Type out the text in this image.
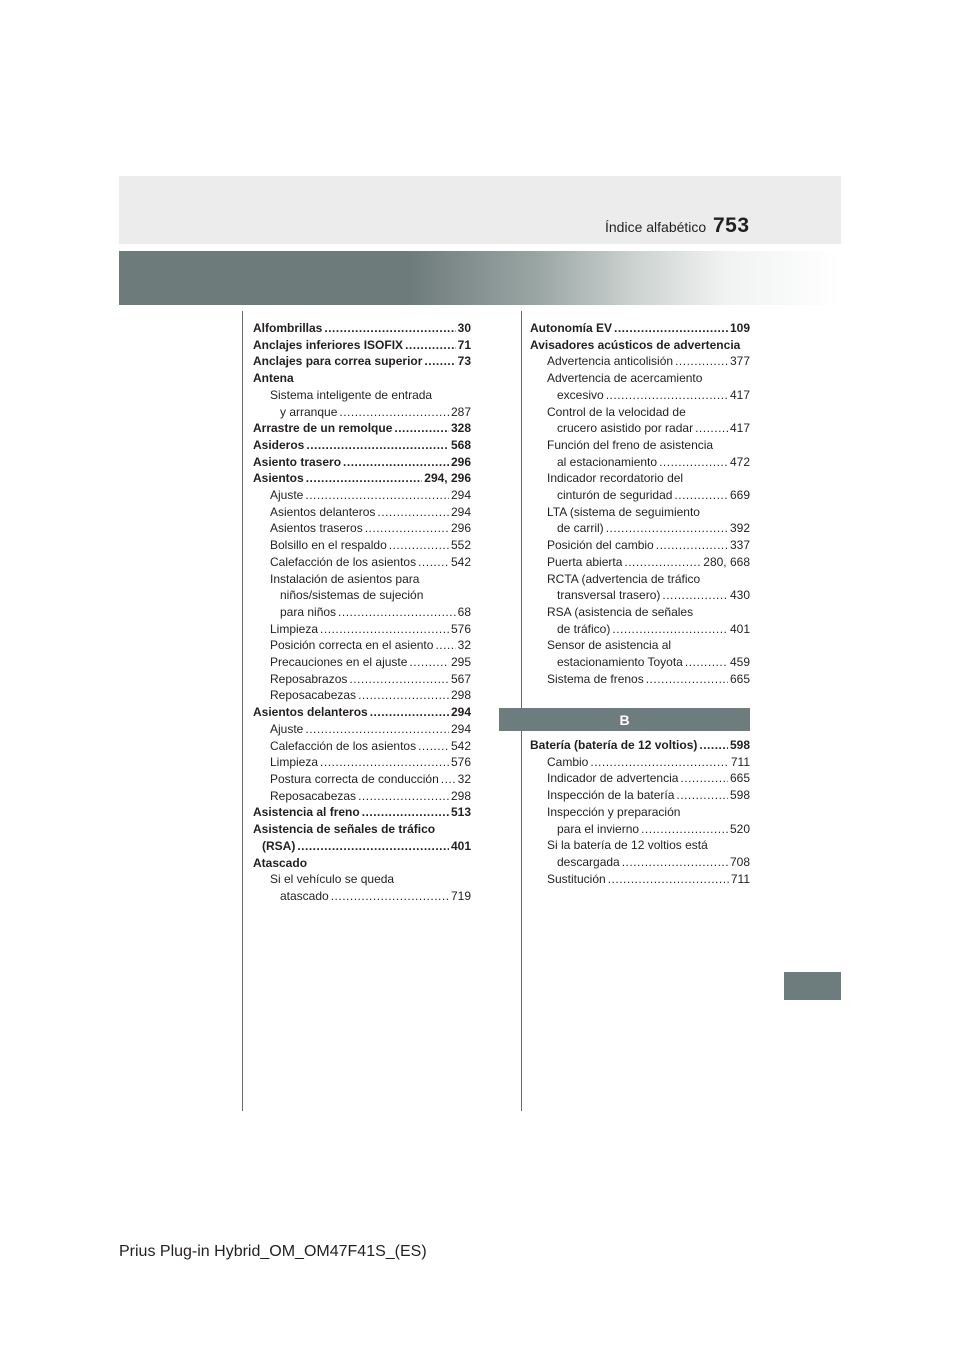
Índice alfabético 753
Alfombrillas .....	30
Anclajes inferiores ISOFIX .....	71
Anclajes para correa superior .....	73
Antena
Sistema inteligente de entrada
y arranque .....	287
Arrastre de un remolque .....	328
Asideros .....	568
Asiento trasero .....	296
Asientos .....	294, 296
Ajuste .....	294
Asientos delanteros .....	294
Asientos traseros .....	296
Bolsillo en el respaldo .....	552
Calefacción de los asientos .....	542
Instalación de asientos para
niños/sistemas de sujeción
para niños .....	68
Limpieza .....	576
Posición correcta en el asiento ..... 32
Precauciones en el ajuste .....	295
Reposabrazos .....	567
Reposacabezas .....	298
Asientos delanteros .....	294
Ajuste .....	294
Calefacción de los asientos .....	542
Limpieza .....	576
Postura correcta de conducción ..... 32
Reposacabezas .....	298
Asistencia al freno .....	513
Asistencia de señales de tráfico
(RSA) .....	401
Atascado
Si el vehículo se queda
atascado .....	719
Autonomía EV .....	109
Avisadores acústicos de advertencia
Advertencia anticolisión .....	377
Advertencia de acercamiento
excesivo .....	417
Control de la velocidad de
crucero asistido por radar .....	417
Función del freno de asistencia
al estacionamiento .....	472
Indicador recordatorio del
cinturón de seguridad .....	669
LTA (sistema de seguimiento
de carril) .....	392
Posición del cambio .....	337
Puerta abierta .....	280, 668
RCTA (advertencia de tráfico
transversal trasero) .....	430
RSA (asistencia de señales
de tráfico) .....	401
Sensor de asistencia al
estacionamiento Toyota .....	459
Sistema de frenos .....	665
B
Batería (batería de 12 voltios) .....	598
Cambio .....	711
Indicador de advertencia .....	665
Inspección de la batería .....	598
Inspección y preparación
para el invierno .....	520
Si la batería de 12 voltios está
descargada .....	708
Sustitución .....	711
Prius Plug-in Hybrid_OM_OM47F41S_(ES)
